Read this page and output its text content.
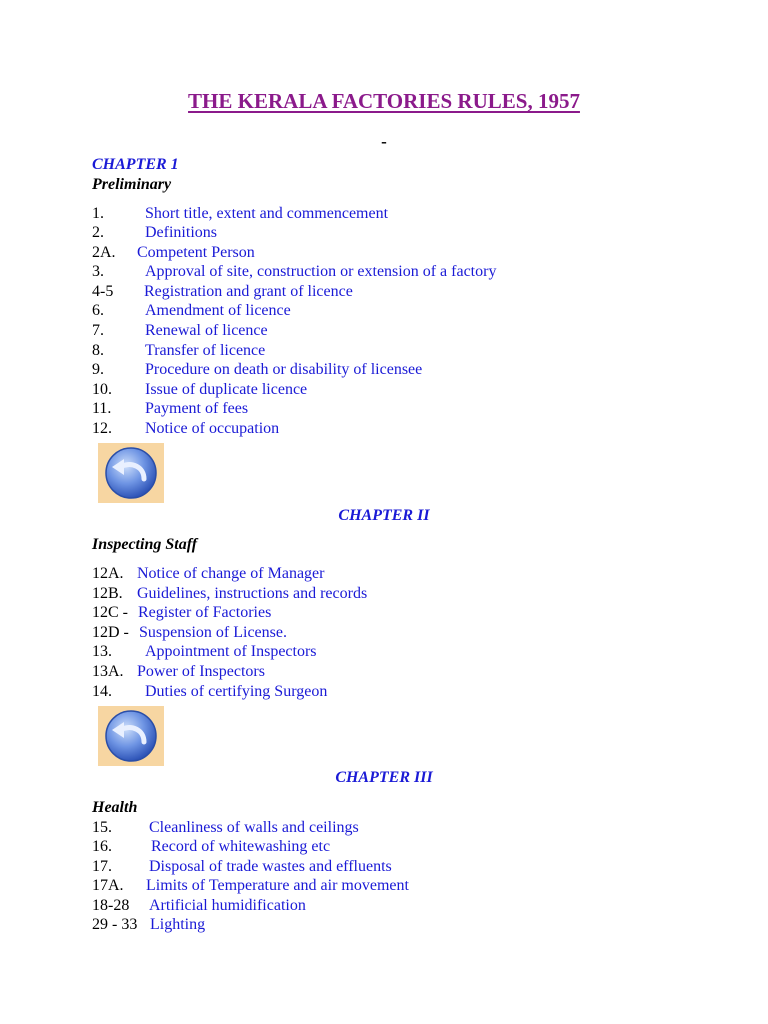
THE KERALA FACTORIES RULES, 1957
-
CHAPTER 1
Preliminary
1.	Short title, extent and commencement
2.	Definitions
2A. Competent Person
3.	Approval of site, construction or extension of a factory
4-5 Registration and grant of licence
6.	Amendment of licence
7.	Renewal of licence
8.	Transfer of licence
9.	Procedure on death or disability of licensee
10. Issue of duplicate licence
11. Payment of fees
12. Notice of occupation
CHAPTER II
Inspecting Staff
12A. Notice of change of Manager
12B. Guidelines, instructions and records
12C - Register of Factories
12D - Suspension of License.
13. Appointment of Inspectors
13A. Power of Inspectors
14. Duties of certifying Surgeon
CHAPTER III
Health
15. Cleanliness of walls and ceilings
16. Record of whitewashing etc
17. Disposal of trade wastes and effluents
17A. Limits of Temperature and air movement
18-28 Artificial humidification
29 - 33 Lighting
